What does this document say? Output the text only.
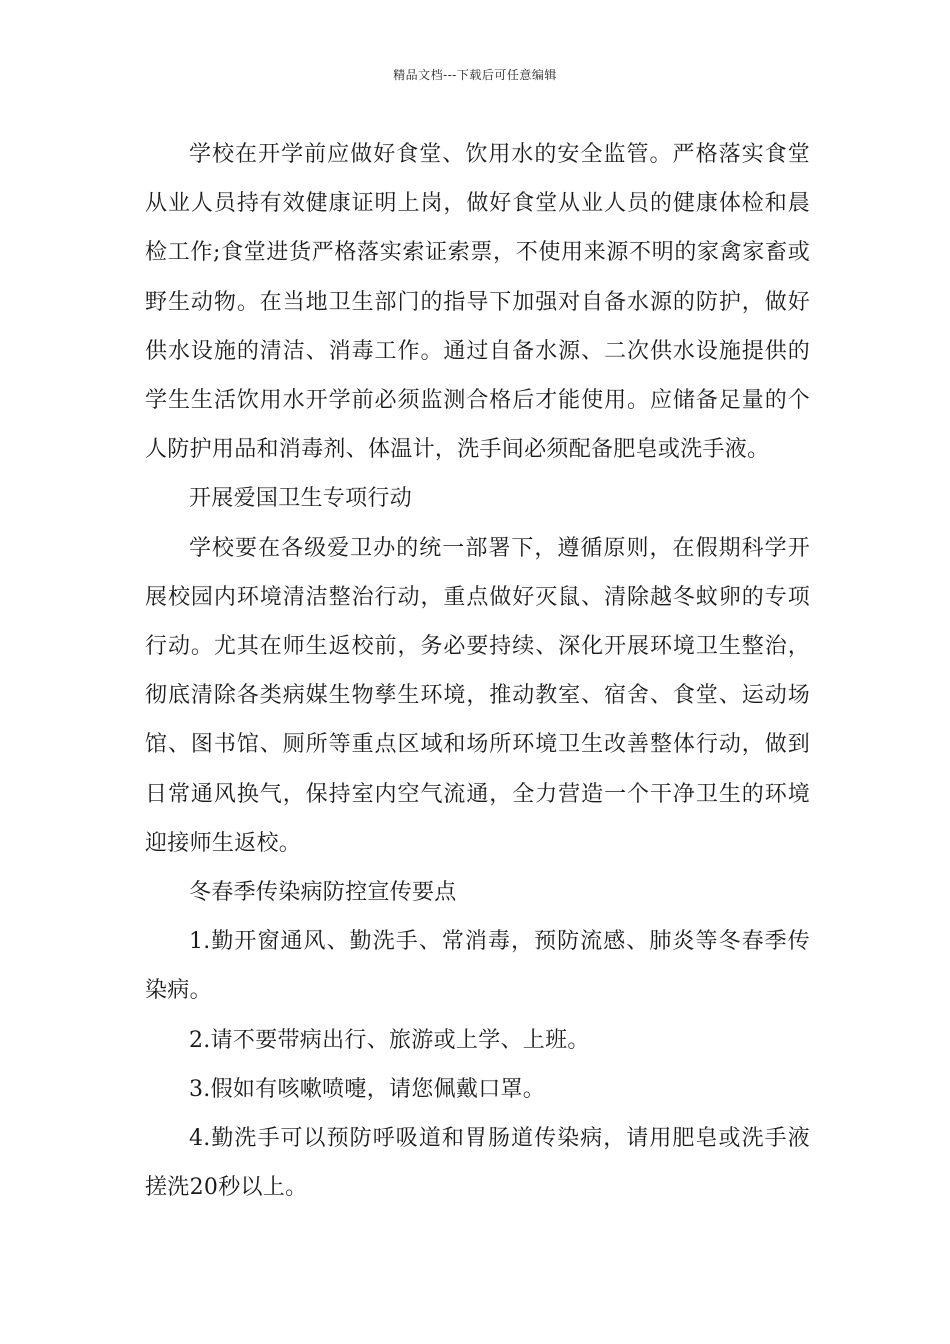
精品文档---下载后可任意编辑

学校在开学前应做好食堂、饮用水的安全监管。严格落实食堂从业人员持有效健康证明上岗，做好食堂从业人员的健康体检和晨检工作;食堂进货严格落实索证索票，不使用来源不明的家禽家畜或野生动物。在当地卫生部门的指导下加强对自备水源的防护，做好供水设施的清洁、消毒工作。通过自备水源、二次供水设施提供的学生生活饮用水开学前必须监测合格后才能使用。应储备足量的个人防护用品和消毒剂、体温计，洗手间必须配备肥皂或洗手液。

开展爱国卫生专项行动

学校要在各级爱卫办的统一部署下，遵循原则，在假期科学开展校园内环境清洁整治行动，重点做好灭鼠、清除越冬蚊卵的专项行动。尤其在师生返校前，务必要持续、深化开展环境卫生整治，彻底清除各类病媒生物孳生环境，推动教室、宿舍、食堂、运动场馆、图书馆、厕所等重点区域和场所环境卫生改善整体行动，做到日常通风换气，保持室内空气流通，全力营造一个干净卫生的环境迎接师生返校。

冬春季传染病防控宣传要点

1.勤开窗通风、勤洗手、常消毒，预防流感、肺炎等冬春季传染病。

2.请不要带病出行、旅游或上学、上班。

3.假如有咳嗽喷嚏，请您佩戴口罩。

4.勤洗手可以预防呼吸道和胃肠道传染病，请用肥皂或洗手液搓洗20秒以上。
